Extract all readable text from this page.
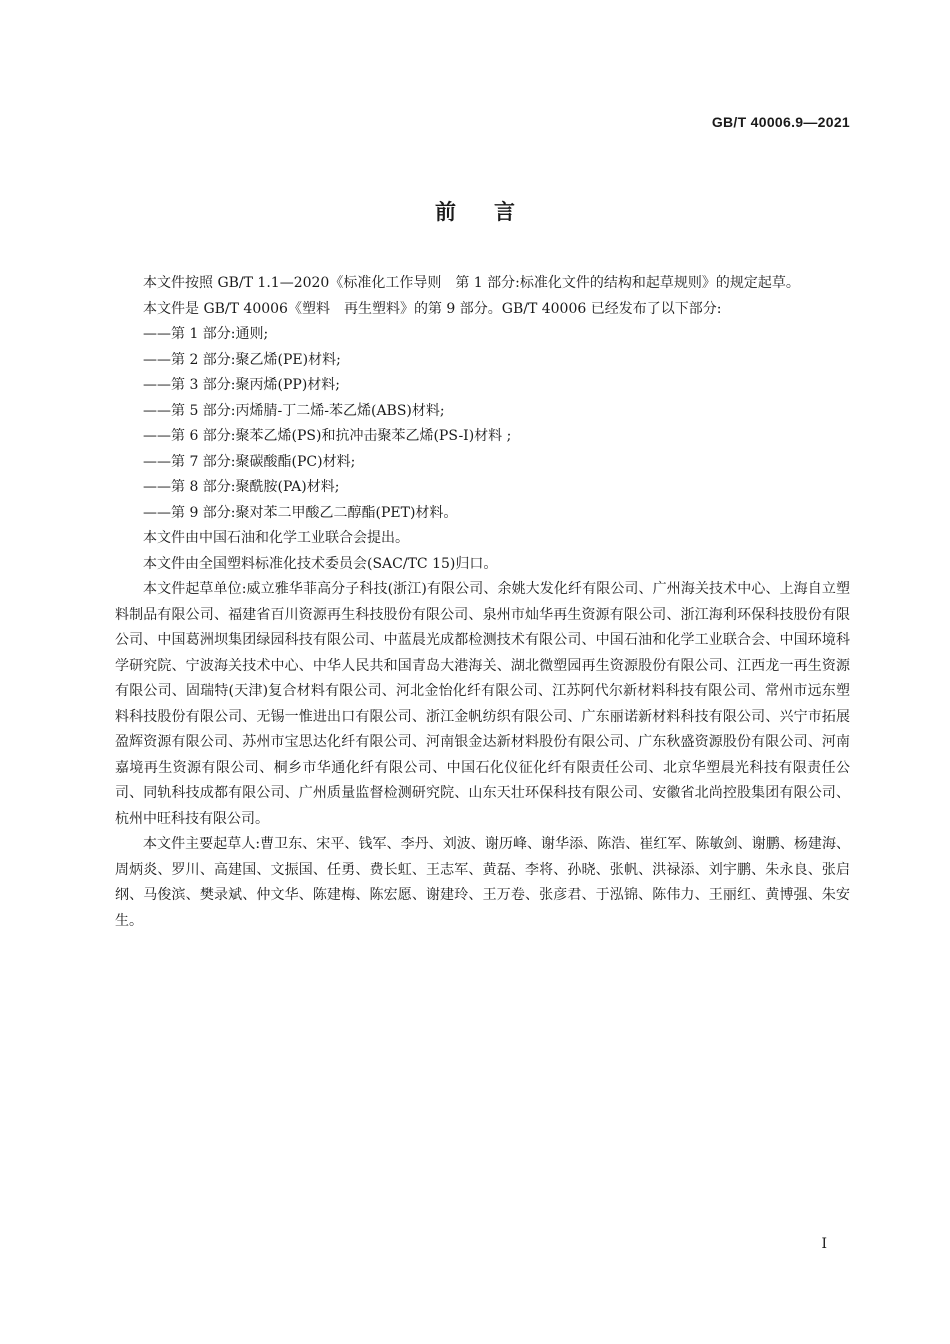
GB/T 40006.9—2021
前言

本文件按照 GB/T 1.1—2020《标准化工作导则　第 1 部分:标准化文件的结构和起草规则》的规定起草。

本文件是 GB/T 40006《塑料　再生塑料》的第 9 部分。GB/T 40006 已经发布了以下部分:

——第 1 部分:通则;
——第 2 部分:聚乙烯(PE)材料;
——第 3 部分:聚丙烯(PP)材料;
——第 5 部分:丙烯腈-丁二烯-苯乙烯(ABS)材料;
——第 6 部分:聚苯乙烯(PS)和抗冲击聚苯乙烯(PS-I)材料 ;
——第 7 部分:聚碳酸酯(PC)材料;
——第 8 部分:聚酰胺(PA)材料;
——第 9 部分:聚对苯二甲酸乙二醇酯(PET)材料。

本文件由中国石油和化学工业联合会提出。

本文件由全国塑料标准化技术委员会(SAC/TC 15)归口。

本文件起草单位:威立雅华菲高分子科技(浙江)有限公司、余姚大发化纤有限公司、广州海关技术中心、上海自立塑料制品有限公司、福建省百川资源再生科技股份有限公司、泉州市灿华再生资源有限公司、浙江海利环保科技股份有限公司、中国葛洲坝集团绿园科技有限公司、中蓝晨光成都检测技术有限公司、中国石油和化学工业联合会、中国环境科学研究院、宁波海关技术中心、中华人民共和国青岛大港海关、湖北微塑园再生资源股份有限公司、江西龙一再生资源有限公司、固瑞特(天津)复合材料有限公司、河北金怡化纤有限公司、江苏阿代尔新材料科技有限公司、常州市远东塑料科技股份有限公司、无锡一惟进出口有限公司、浙江金帆纺织有限公司、广东丽诺新材料科技有限公司、兴宁市拓展盈辉资源有限公司、苏州市宝思达化纤有限公司、河南银金达新材料股份有限公司、广东秋盛资源股份有限公司、河南嘉境再生资源有限公司、桐乡市华通化纤有限公司、中国石化仪征化纤有限责任公司、北京华塑晨光科技有限责任公司、同轨科技成都有限公司、广州质量监督检测研究院、山东天壮环保科技有限公司、安徽省北尚控股集团有限公司、杭州中旺科技有限公司。

本文件主要起草人:曹卫东、宋平、钱军、李丹、刘波、谢历峰、谢华添、陈浩、崔红军、陈敏剑、谢鹏、杨建海、周炳炎、罗川、高建国、文振国、任勇、费长虹、王志军、黄磊、李将、孙晓、张帆、洪禄添、刘宇鹏、朱永良、张启纲、马俊滨、樊录斌、仲文华、陈建梅、陈宏愿、谢建玲、王万卷、张彦君、于泓锦、陈伟力、王丽红、黄博强、朱安生。

I
